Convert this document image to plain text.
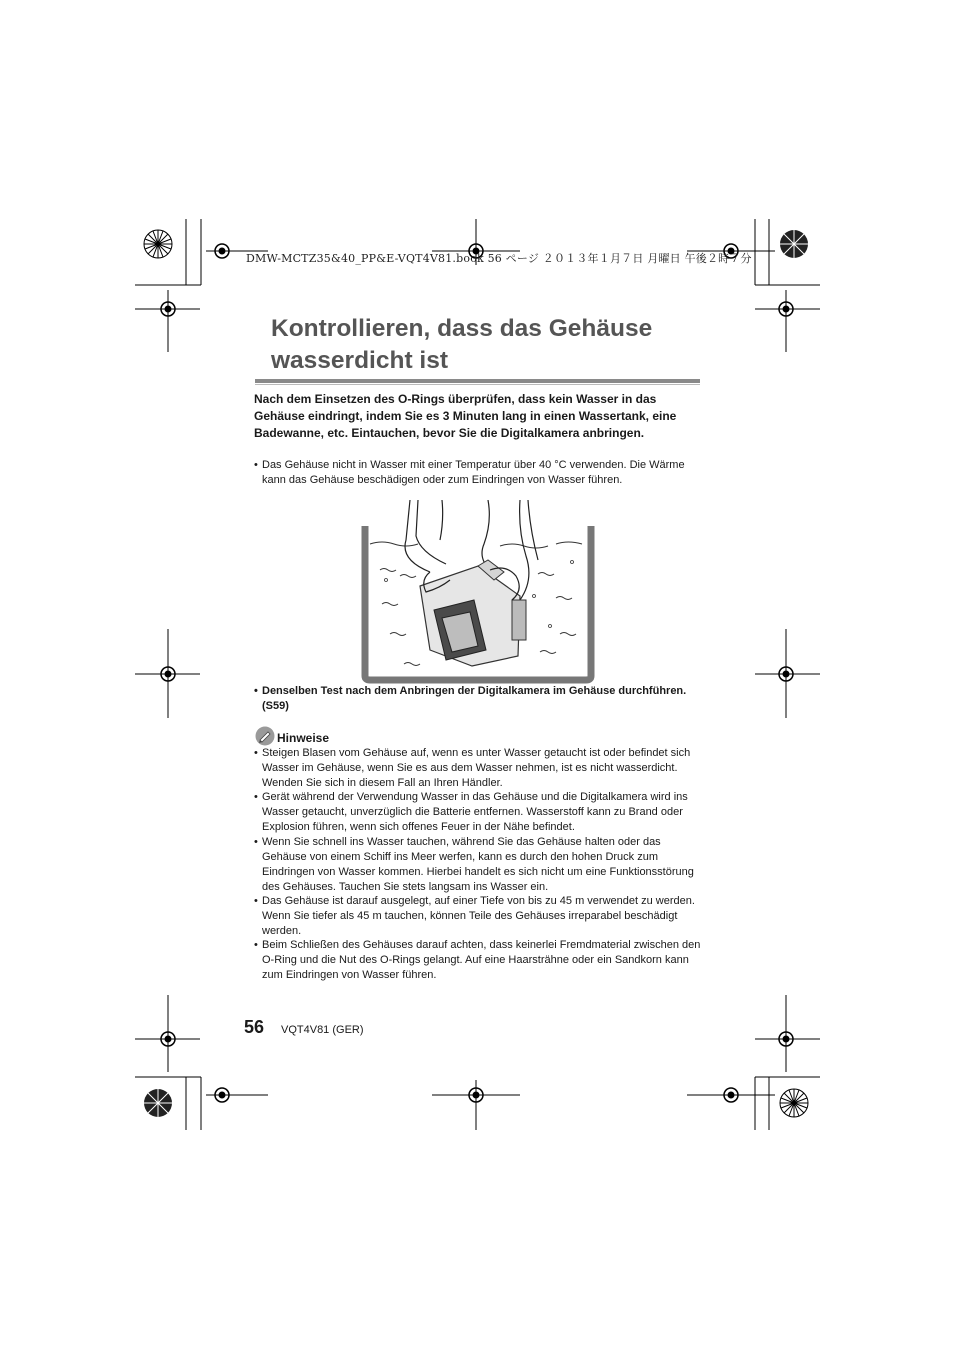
DMW-MCTZ35&40_PP&E-VQT4V81.book 56 ページ ２０１３年１月７日 月曜日 午後２時７分
Kontrollieren, dass das Gehäuse
wasserdicht ist
Nach dem Einsetzen des O-Rings überprüfen, dass kein Wasser in das Gehäuse eindringt, indem Sie es 3 Minuten lang in einen Wassertank, eine Badewanne, etc. Eintauchen, bevor Sie die Digitalkamera anbringen.
• Das Gehäuse nicht in Wasser mit einer Temperatur über 40 °C verwenden. Die Wärme kann das Gehäuse beschädigen oder zum Eindringen von Wasser führen.
• Denselben Test nach dem Anbringen der Digitalkamera im Gehäuse durchführen. (S59)
Hinweise
• Steigen Blasen vom Gehäuse auf, wenn es unter Wasser getaucht ist oder befindet sich Wasser im Gehäuse, wenn Sie es aus dem Wasser nehmen, ist es nicht wasserdicht. Wenden Sie sich in diesem Fall an Ihren Händler.
• Gerät während der Verwendung Wasser in das Gehäuse und die Digitalkamera wird ins Wasser getaucht, unverzüglich die Batterie entfernen. Wasserstoff kann zu Brand oder Explosion führen, wenn sich offenes Feuer in der Nähe befindet.
• Wenn Sie schnell ins Wasser tauchen, während Sie das Gehäuse halten oder das Gehäuse von einem Schiff ins Meer werfen, kann es durch den hohen Druck zum Eindringen von Wasser kommen. Hierbei handelt es sich nicht um eine Funktionsstörung des Gehäuses. Tauchen Sie stets langsam ins Wasser ein.
• Das Gehäuse ist darauf ausgelegt, auf einer Tiefe von bis zu 45 m verwendet zu werden. Wenn Sie tiefer als 45 m tauchen, können Teile des Gehäuses irreparabel beschädigt werden.
• Beim Schließen des Gehäuses darauf achten, dass keinerlei Fremdmaterial zwischen den O-Ring und die Nut des O-Rings gelangt. Auf eine Haarsträhne oder ein Sandkorn kann zum Eindringen von Wasser führen.
56 VQT4V81 (GER)
